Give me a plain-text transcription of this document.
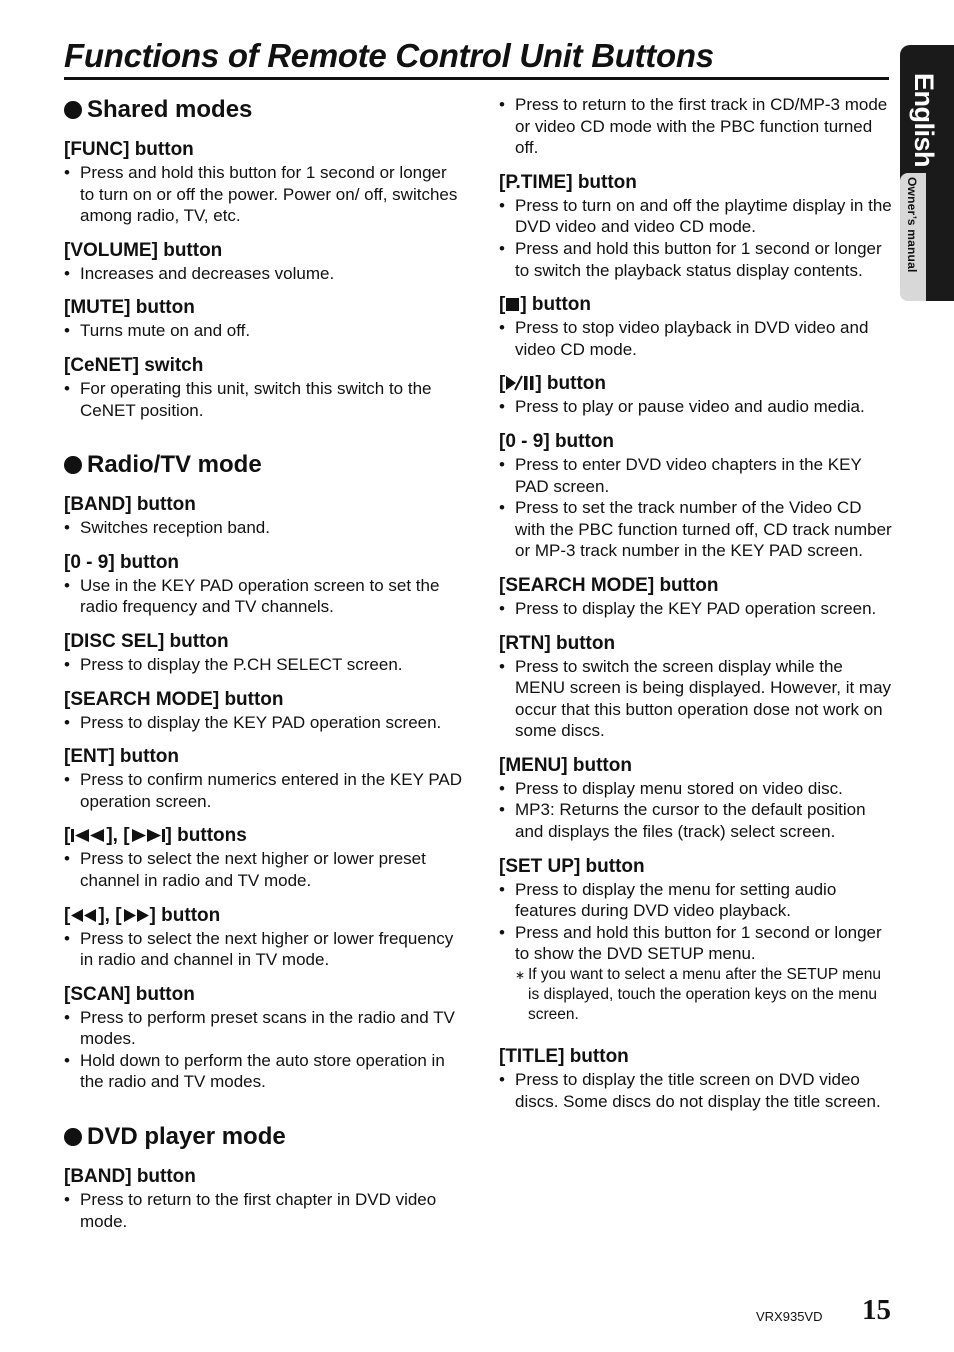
Functions of Remote Control Unit Buttons
English
Owner’s manual
Shared modes
[FUNC] button
• Press and hold this button for 1 second or longer to turn on or off the power. Power on/ off, switches among radio, TV, etc.
[VOLUME] button
• Increases and decreases volume.
[MUTE] button
• Turns mute on and off.
[CeNET] switch
• For operating this unit, switch this switch to the CeNET position.
Radio/TV mode
[BAND] button
• Switches reception band.
[0 - 9] button
• Use in the KEY PAD operation screen to set the radio frequency and TV channels.
[DISC SEL] button
• Press to display the P.CH SELECT screen.
[SEARCH MODE] button
• Press to display the KEY PAD operation screen.
[ENT] button
• Press to confirm numerics entered in the KEY PAD operation screen.
[ ], [ ] buttons
• Press to select the next higher or lower preset channel in radio and TV mode.
[ ], [ ] button
• Press to select the next higher or lower frequency in radio and channel in TV mode.
[SCAN] button
• Press to perform preset scans in the radio and TV modes.
• Hold down to perform the auto store operation in the radio and TV modes.
DVD player mode
[BAND] button
• Press to return to the first chapter in DVD video mode.
• Press to return to the first track in CD/MP-3 mode or video CD mode with the PBC function turned off.
[P.TIME] button
• Press to turn on and off the playtime display in the DVD video and video CD mode.
• Press and hold this button for 1 second or longer to switch the playback status display contents.
[ ] button
• Press to stop video playback in DVD video and video CD mode.
[ ] button
• Press to play or pause video and audio media.
[0 - 9] button
• Press to enter DVD video chapters in the KEY PAD screen.
• Press to set the track number of the Video CD with the PBC function turned off, CD track number or MP-3 track number in the KEY PAD screen.
[SEARCH MODE] button
• Press to display the KEY PAD operation screen.
[RTN] button
• Press to switch the screen display while the MENU screen is being displayed. However, it may occur that this button operation dose not work on some discs.
[MENU] button
• Press to display menu stored on video disc.
• MP3: Returns the cursor to the default position and displays the files (track) select screen.
[SET UP] button
• Press to display the menu for setting audio features during DVD video playback.
• Press and hold this button for 1 second or longer to show the DVD SETUP menu.
∗ If you want to select a menu after the SETUP menu is displayed, touch the operation keys on the menu screen.
[TITLE] button
• Press to display the title screen on DVD video discs. Some discs do not display the title screen.
VRX935VD 15
